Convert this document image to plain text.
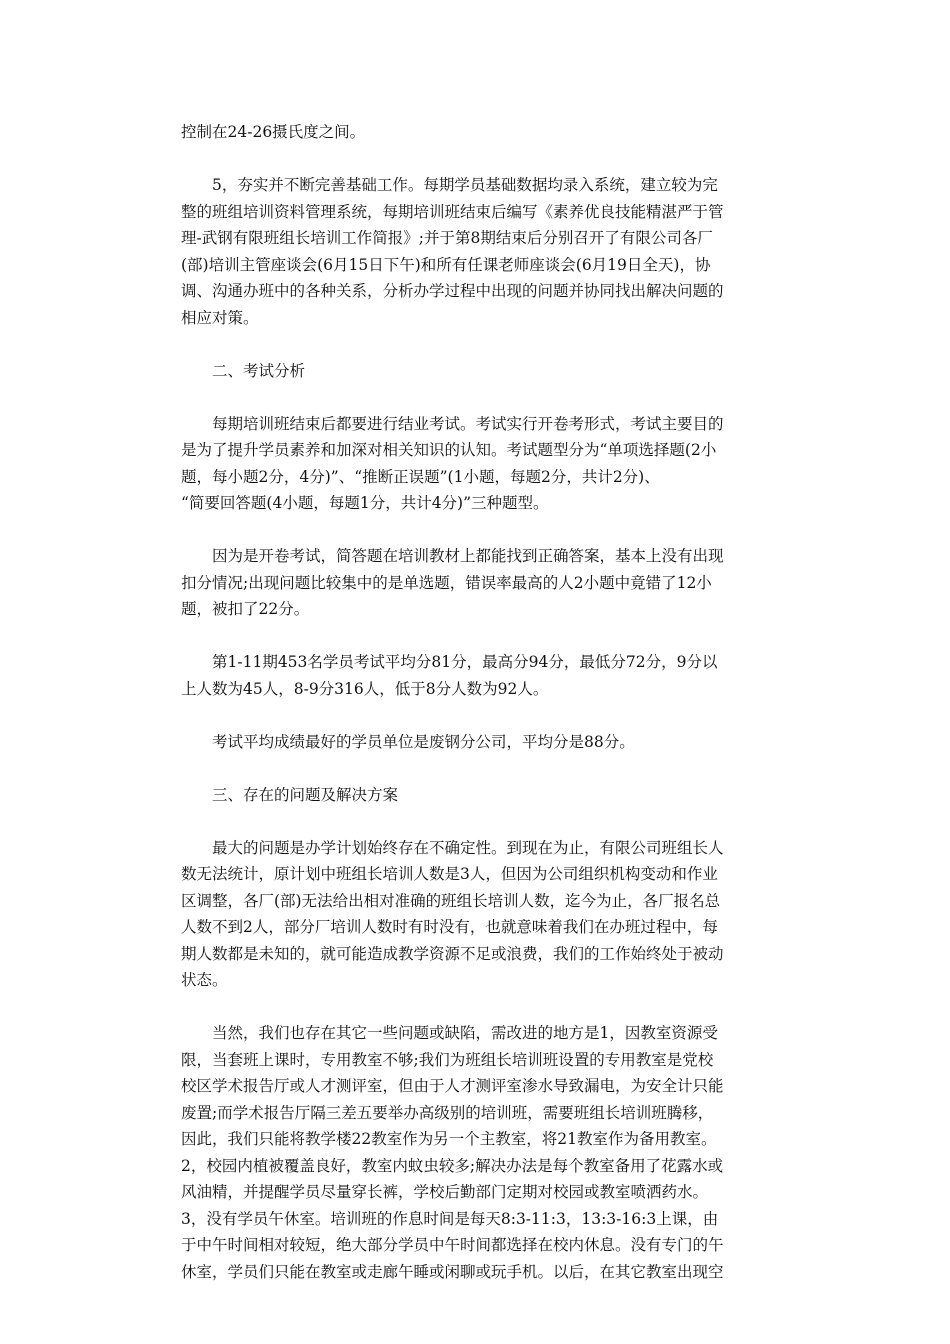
控制在24-26摄氏度之间。

5，夯实并不断完善基础工作。每期学员基础数据均录入系统，建立较为完
整的班组培训资料管理系统，每期培训班结束后编写《素养优良技能精湛严于管
理-武钢有限班组长培训工作简报》;并于第8期结束后分别召开了有限公司各厂
(部)培训主管座谈会(6月15日下午)和所有任课老师座谈会(6月19日全天)，协
调、沟通办班中的各种关系，分析办学过程中出现的问题并协同找出解决问题的
相应对策。

二、考试分析

每期培训班结束后都要进行结业考试。考试实行开卷考形式，考试主要目的
是为了提升学员素养和加深对相关知识的认知。考试题型分为“单项选择题(2小
题，每小题2分，4分)”、“推断正误题”(1小题，每题2分，共计2分)、
“简要回答题(4小题，每题1分，共计4分)”三种题型。

因为是开卷考试，简答题在培训教材上都能找到正确答案，基本上没有出现
扣分情况;出现问题比较集中的是单选题，错误率最高的人2小题中竟错了12小
题，被扣了22分。

第1-11期453名学员考试平均分81分，最高分94分，最低分72分，9分以
上人数为45人，8-9分316人，低于8分人数为92人。

考试平均成绩最好的学员单位是废钢分公司，平均分是88分。

三、存在的问题及解决方案

最大的问题是办学计划始终存在不确定性。到现在为止，有限公司班组长人
数无法统计，原计划中班组长培训人数是3人，但因为公司组织机构变动和作业
区调整，各厂(部)无法给出相对准确的班组长培训人数，迄今为止，各厂报名总
人数不到2人，部分厂培训人数时有时没有，也就意味着我们在办班过程中，每
期人数都是未知的，就可能造成教学资源不足或浪费，我们的工作始终处于被动
状态。

当然，我们也存在其它一些问题或缺陷，需改进的地方是1，因教室资源受
限，当套班上课时，专用教室不够;我们为班组长培训班设置的专用教室是党校
校区学术报告厅或人才测评室，但由于人才测评室渗水导致漏电，为安全计只能
废置;而学术报告厅隔三差五要举办高级别的培训班，需要班组长培训班腾移，
因此，我们只能将教学楼22教室作为另一个主教室，将21教室作为备用教室。
2，校园内植被覆盖良好，教室内蚊虫较多;解决办法是每个教室备用了花露水或
风油精，并提醒学员尽量穿长裤，学校后勤部门定期对校园或教室喷洒药水。
3，没有学员午休室。培训班的作息时间是每天8:3-11:3，13:3-16:3上课，由
于中午时间相对较短，绝大部分学员中午时间都选择在校内休息。没有专门的午
休室，学员们只能在教室或走廊午睡或闲聊或玩手机。以后，在其它教室出现空
